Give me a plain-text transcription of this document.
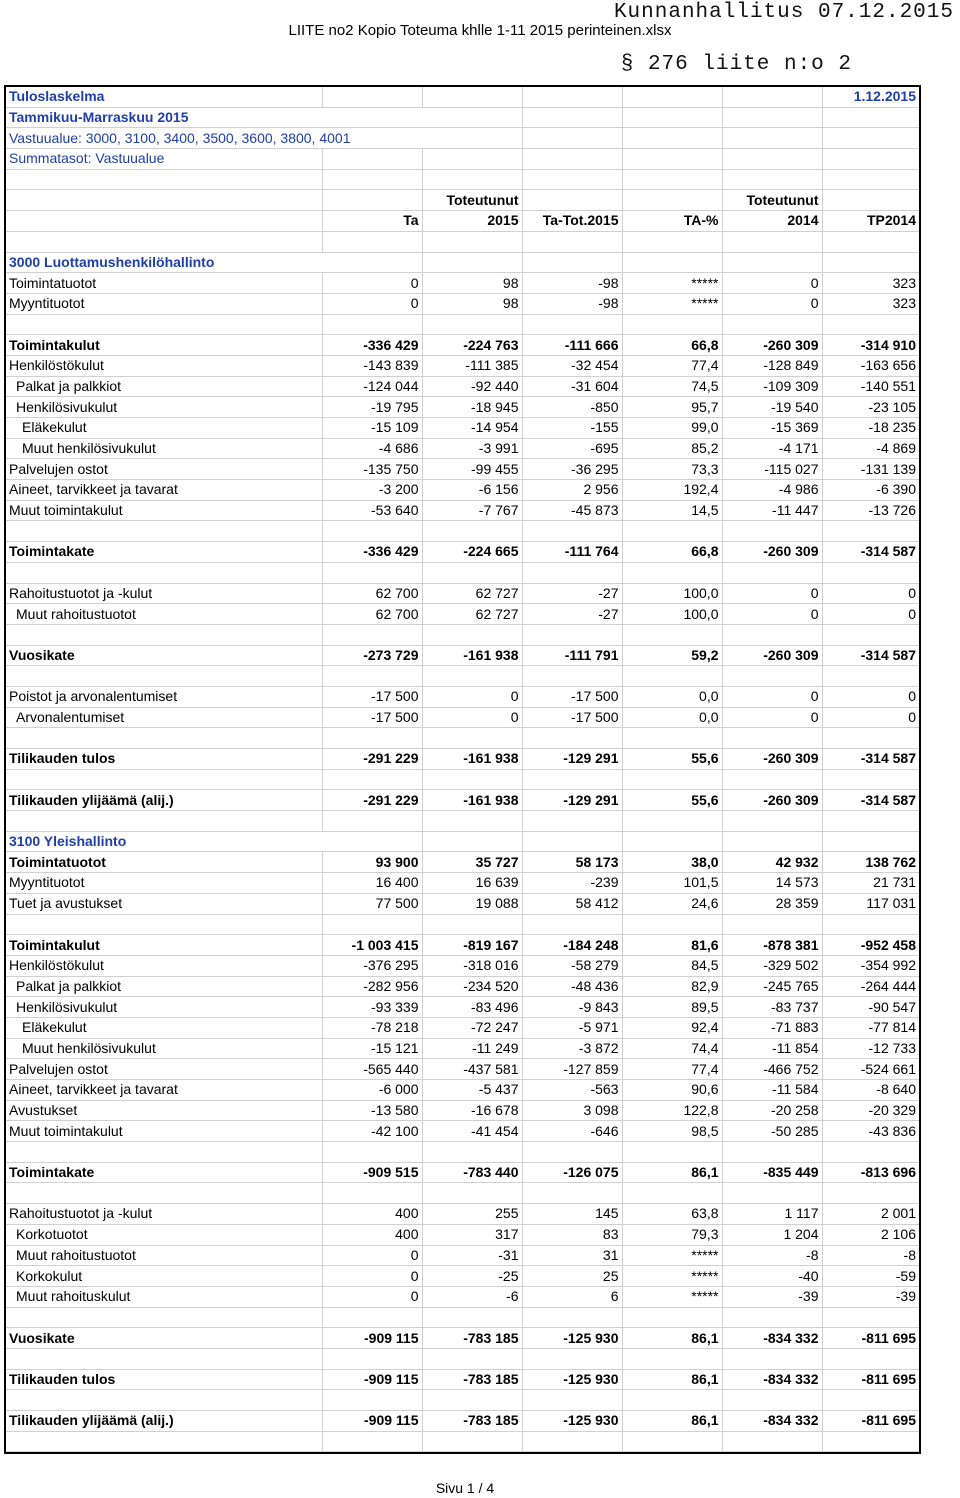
LIITE no2 Kopio Toteuma khlle 1-11 2015 perinteinen.xlsx
Kunnanhallitus 07.12.2015
§ 276 liite n:o 2
Tuloslaskelma						1.12.2015
Tammikuu-Marraskuu 2015						
Vastuualue: 3000, 3100, 3400, 3500, 3600, 3800, 4001						
Summatasot: Vastuualue						

		Toteutunut			Toteutunut	
	Ta	2015	Ta-Tot.2015	TA-%	2014	TP2014

3000 Luottamushenkilöhallinto						
Toimintatuotot	0	98	-98	*****	0	323
Myyntituotot	0	98	-98	*****	0	323

Toimintakulut	-336 429	-224 763	-111 666	66,8	-260 309	-314 910
Henkilöstökulut	-143 839	-111 385	-32 454	77,4	-128 849	-163 656
Palkat ja palkkiot	-124 044	-92 440	-31 604	74,5	-109 309	-140 551
Henkilösivukulut	-19 795	-18 945	-850	95,7	-19 540	-23 105
Eläkekulut	-15 109	-14 954	-155	99,0	-15 369	-18 235
Muut henkilösivukulut	-4 686	-3 991	-695	85,2	-4 171	-4 869
Palvelujen ostot	-135 750	-99 455	-36 295	73,3	-115 027	-131 139
Aineet, tarvikkeet ja tavarat	-3 200	-6 156	2 956	192,4	-4 986	-6 390
Muut toimintakulut	-53 640	-7 767	-45 873	14,5	-11 447	-13 726

Toimintakate	-336 429	-224 665	-111 764	66,8	-260 309	-314 587

Rahoitustuotot ja -kulut	62 700	62 727	-27	100,0	0	0
Muut rahoitustuotot	62 700	62 727	-27	100,0	0	0

Vuosikate	-273 729	-161 938	-111 791	59,2	-260 309	-314 587

Poistot ja arvonalentumiset	-17 500	0	-17 500	0,0	0	0
Arvonalentumiset	-17 500	0	-17 500	0,0	0	0

Tilikauden tulos	-291 229	-161 938	-129 291	55,6	-260 309	-314 587

Tilikauden ylijäämä (alij.)	-291 229	-161 938	-129 291	55,6	-260 309	-314 587

3100 Yleishallinto						
Toimintatuotot	93 900	35 727	58 173	38,0	42 932	138 762
Myyntituotot	16 400	16 639	-239	101,5	14 573	21 731
Tuet ja avustukset	77 500	19 088	58 412	24,6	28 359	117 031

Toimintakulut	-1 003 415	-819 167	-184 248	81,6	-878 381	-952 458
Henkilöstökulut	-376 295	-318 016	-58 279	84,5	-329 502	-354 992
Palkat ja palkkiot	-282 956	-234 520	-48 436	82,9	-245 765	-264 444
Henkilösivukulut	-93 339	-83 496	-9 843	89,5	-83 737	-90 547
Eläkekulut	-78 218	-72 247	-5 971	92,4	-71 883	-77 814
Muut henkilösivukulut	-15 121	-11 249	-3 872	74,4	-11 854	-12 733
Palvelujen ostot	-565 440	-437 581	-127 859	77,4	-466 752	-524 661
Aineet, tarvikkeet ja tavarat	-6 000	-5 437	-563	90,6	-11 584	-8 640
Avustukset	-13 580	-16 678	3 098	122,8	-20 258	-20 329
Muut toimintakulut	-42 100	-41 454	-646	98,5	-50 285	-43 836

Toimintakate	-909 515	-783 440	-126 075	86,1	-835 449	-813 696

Rahoitustuotot ja -kulut	400	255	145	63,8	1 117	2 001
Korkotuotot	400	317	83	79,3	1 204	2 106
Muut rahoitustuotot	0	-31	31	*****	-8	-8
Korkokulut	0	-25	25	*****	-40	-59
Muut rahoituskulut	0	-6	6	*****	-39	-39

Vuosikate	-909 115	-783 185	-125 930	86,1	-834 332	-811 695

Tilikauden tulos	-909 115	-783 185	-125 930	86,1	-834 332	-811 695

Tilikauden ylijäämä (alij.)	-909 115	-783 185	-125 930	86,1	-834 332	-811 695

Sivu 1 / 4
